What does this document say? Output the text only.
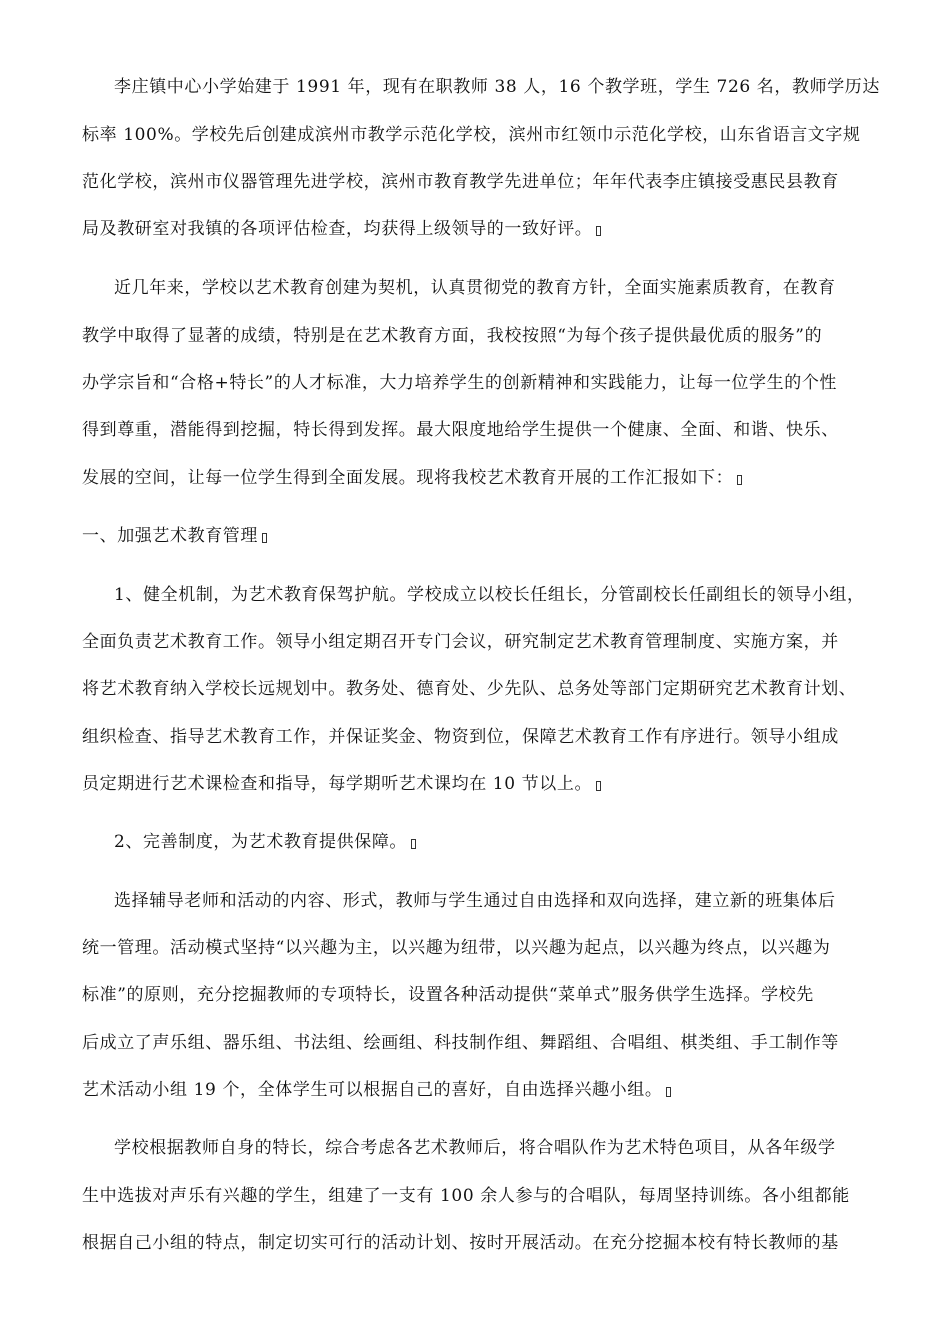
李庄镇中心小学始建于 1991 年，现有在职教师 38 人，16 个教学班，学生 726 名，教师学历达
标率 100%。学校先后创建成滨州市教学示范化学校，滨州市红领巾示范化学校，山东省语言文字规
范化学校，滨州市仪器管理先进学校，滨州市教育教学先进单位；年年代表李庄镇接受惠民县教育
局及教研室对我镇的各项评估检查，均获得上级领导的一致好评。
近几年来，学校以艺术教育创建为契机，认真贯彻党的教育方针，全面实施素质教育，在教育
教学中取得了显著的成绩，特别是在艺术教育方面，我校按照“为每个孩子提供最优质的服务”的
办学宗旨和“合格+特长”的人才标准，大力培养学生的创新精神和实践能力，让每一位学生的个性
得到尊重，潜能得到挖掘，特长得到发挥。最大限度地给学生提供一个健康、全面、和谐、快乐、
发展的空间，让每一位学生得到全面发展。现将我校艺术教育开展的工作汇报如下：
一、加强艺术教育管理
1、健全机制，为艺术教育保驾护航。学校成立以校长任组长，分管副校长任副组长的领导小组，
全面负责艺术教育工作。领导小组定期召开专门会议，研究制定艺术教育管理制度、实施方案，并
将艺术教育纳入学校长远规划中。教务处、德育处、少先队、总务处等部门定期研究艺术教育计划、
组织检查、指导艺术教育工作，并保证奖金、物资到位，保障艺术教育工作有序进行。领导小组成
员定期进行艺术课检查和指导，每学期听艺术课均在 10 节以上。
2、完善制度，为艺术教育提供保障。
选择辅导老师和活动的内容、形式，教师与学生通过自由选择和双向选择，建立新的班集体后
统一管理。活动模式坚持“以兴趣为主，以兴趣为纽带，以兴趣为起点，以兴趣为终点，以兴趣为
标准”的原则，充分挖掘教师的专项特长，设置各种活动提供“菜单式”服务供学生选择。学校先
后成立了声乐组、器乐组、书法组、绘画组、科技制作组、舞蹈组、合唱组、棋类组、手工制作等
艺术活动小组 19 个，全体学生可以根据自己的喜好，自由选择兴趣小组。
学校根据教师自身的特长，综合考虑各艺术教师后，将合唱队作为艺术特色项目，从各年级学
生中选拔对声乐有兴趣的学生，组建了一支有 100 余人参与的合唱队，每周坚持训练。各小组都能
根据自己小组的特点，制定切实可行的活动计划、按时开展活动。在充分挖掘本校有特长教师的基
